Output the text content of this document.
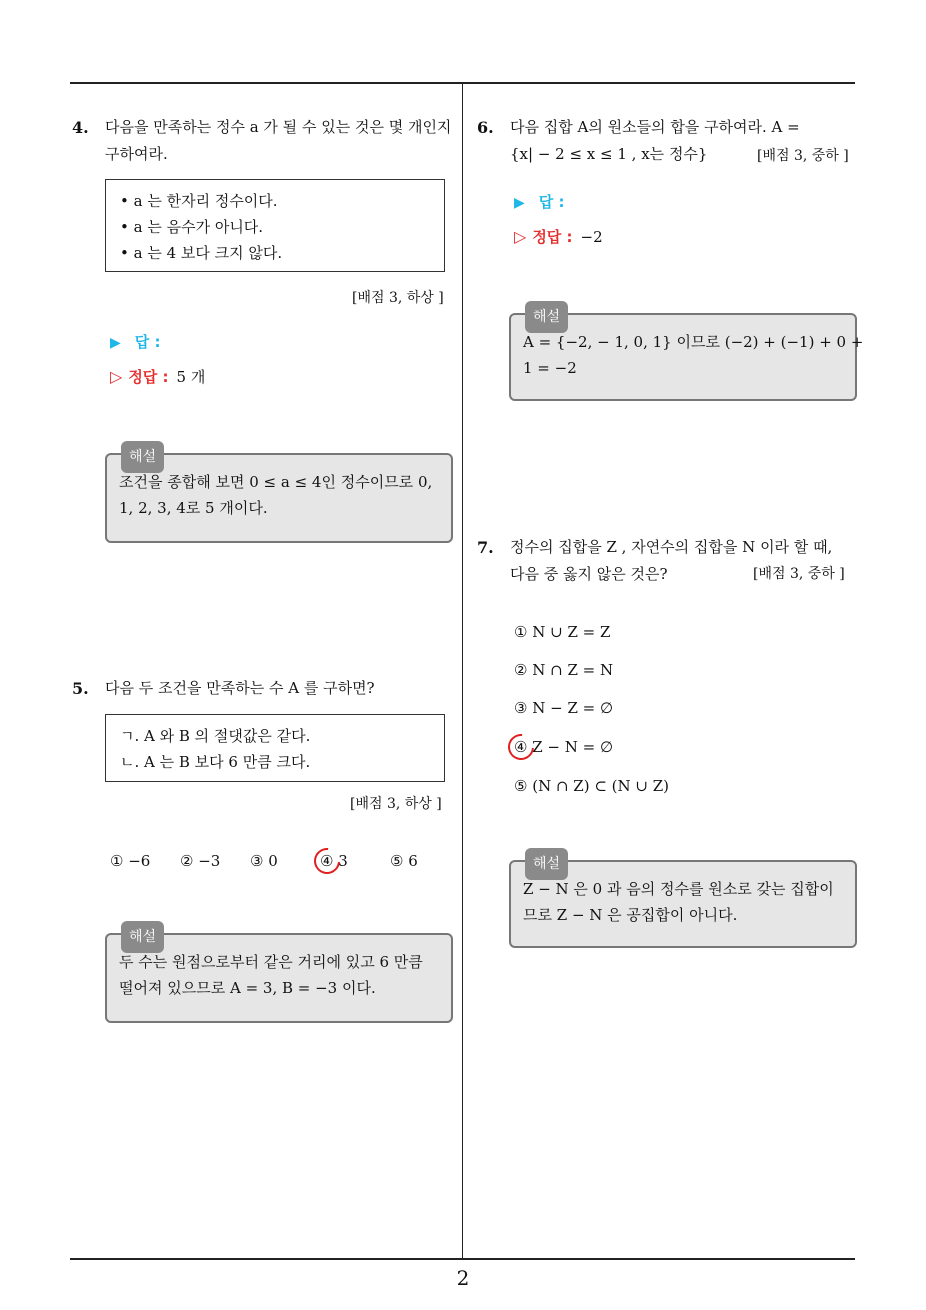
2
4. 다음을 만족하는 정수 a 가 될 수 있는 것은 몇 개인지
구하여라.
• a 는 한자리 정수이다.
• a 는 음수가 아니다.
• a 는 4 보다 크지 않다.
[배점 3, 하상 ]
▶ 답 :
▷ 정답 : 5 개
해설
조건을 종합해 보면 0 ≤ a ≤ 4인 정수이므로 0,
1, 2, 3, 4로 5 개이다.
5. 다음 두 조건을 만족하는 수 A 를 구하면?
ㄱ. A 와 B 의 절댓값은 같다.
ㄴ. A 는 B 보다 6 만큼 크다.
[배점 3, 하상 ]
① −6 ② −3 ③ 0	④ 3	⑤ 6
해설
두 수는 원점으로부터 같은 거리에 있고 6 만큼
떨어져 있으므로 A = 3, B = −3 이다.
6. 다음 집합 A의 원소들의 합을 구하여라. A =
{x| − 2 ≤ x ≤ 1 , x는 정수}	[배점 3, 중하 ]
▶ 답 :
▷ 정답 : −2
해설
A = {−2, − 1, 0, 1} 이므로 (−2) + (−1) + 0 +
1 = −2
7. 정수의 집합을 Z , 자연수의 집합을 N 이라 할 때,
다음 중 옳지 않은 것은?	[배점 3, 중하 ]
① N ∪ Z = Z
② N ∩ Z = N
③ N − Z = ∅
④ Z − N = ∅
⑤ (N ∩ Z) ⊂ (N ∪ Z)
해설
Z − N 은 0 과 음의 정수를 원소로 갖는 집합이
므로 Z − N 은 공집합이 아니다.
